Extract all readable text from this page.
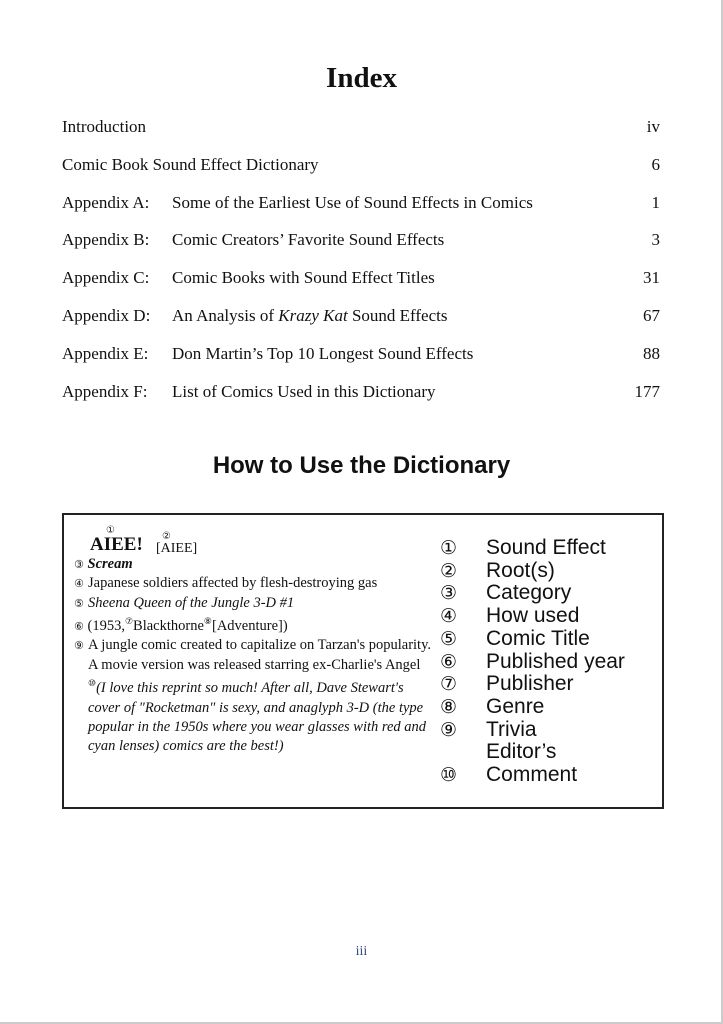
Index
Introduction	iv
Comic Book Sound Effect Dictionary	6
Appendix A: Some of the Earliest Use of Sound Effects in Comics	1
Appendix B: Comic Creators’ Favorite Sound Effects	3
Appendix C: Comic Books with Sound Effect Titles	31
Appendix D: An Analysis of Krazy Kat Sound Effects	67
Appendix E: Don Martin’s Top 10 Longest Sound Effects	88
Appendix F: List of Comics Used in this Dictionary	177
How to Use the Dictionary
①
②
AIEE! [AIEE]
③ Scream
④ Japanese soldiers affected by flesh-destroying gas
⑤ Sheena Queen of the Jungle 3-D #1
⑥ (1953,⑦Blackthorne⑧[Adventure])
⑨ A jungle comic created to capitalize on Tarzan's popularity. A movie version was released starring ex-Charlie's Angel ⑩(I love this reprint so much! After all, Dave Stewart's cover of "Rocketman" is sexy, and anaglyph 3-D (the type popular in the 1950s where you wear glasses with red and cyan lenses) comics are the best!)
① Sound Effect
② Root(s)
③ Category
④ How used
⑤ Comic Title
⑥ Published year
⑦ Publisher
⑧ Genre
⑨ Trivia
⑩Editor’s Comment
iii
